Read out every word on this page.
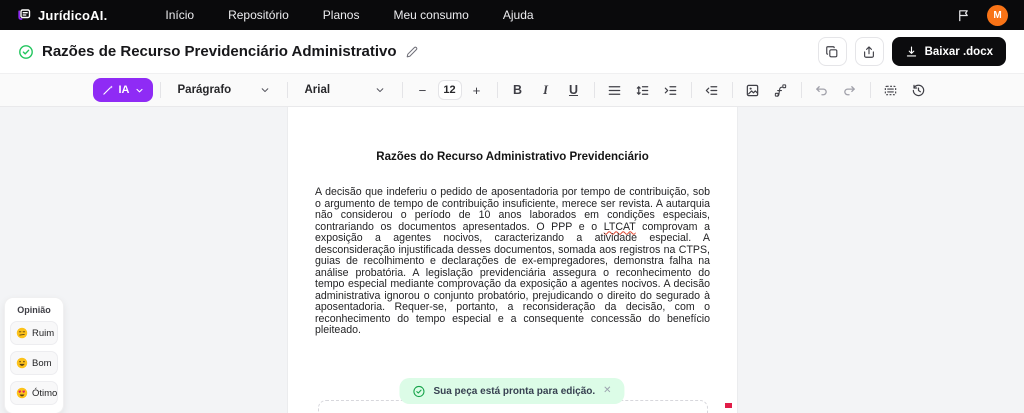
JurídicoAI.	Início	Repositório	Planos	Meu consumo	Ajuda	M
Razões de Recurso Previdenciário Administrativo	Baixar .docx
IA	Parágrafo	Arial	−	12	+	B	I	U
Razões do Recurso Administrativo Previdenciário

A decisão que indeferiu o pedido de aposentadoria por tempo de contribuição, sob o argumento de tempo de contribuição insuficiente, merece ser revista. A autarquia não considerou o período de 10 anos laborados em condições especiais, contrariando os documentos apresentados. O PPP e o LTCAT comprovam a exposição a agentes nocivos, caracterizando a atividade especial. A desconsideração injustificada desses documentos, somada aos registros na CTPS, guias de recolhimento e declarações de ex-empregadores, demonstra falha na análise probatória. A legislação previdenciária assegura o reconhecimento do tempo especial mediante comprovação da exposição a agentes nocivos. A decisão administrativa ignorou o conjunto probatório, prejudicando o direito do segurado à aposentadoria. Requer-se, portanto, a reconsideração da decisão, com o reconhecimento do tempo especial e a consequente concessão do benefício pleiteado.

Opinião
Ruim
Bom
Ótimo	Sua peça está pronta para edição. ✕
